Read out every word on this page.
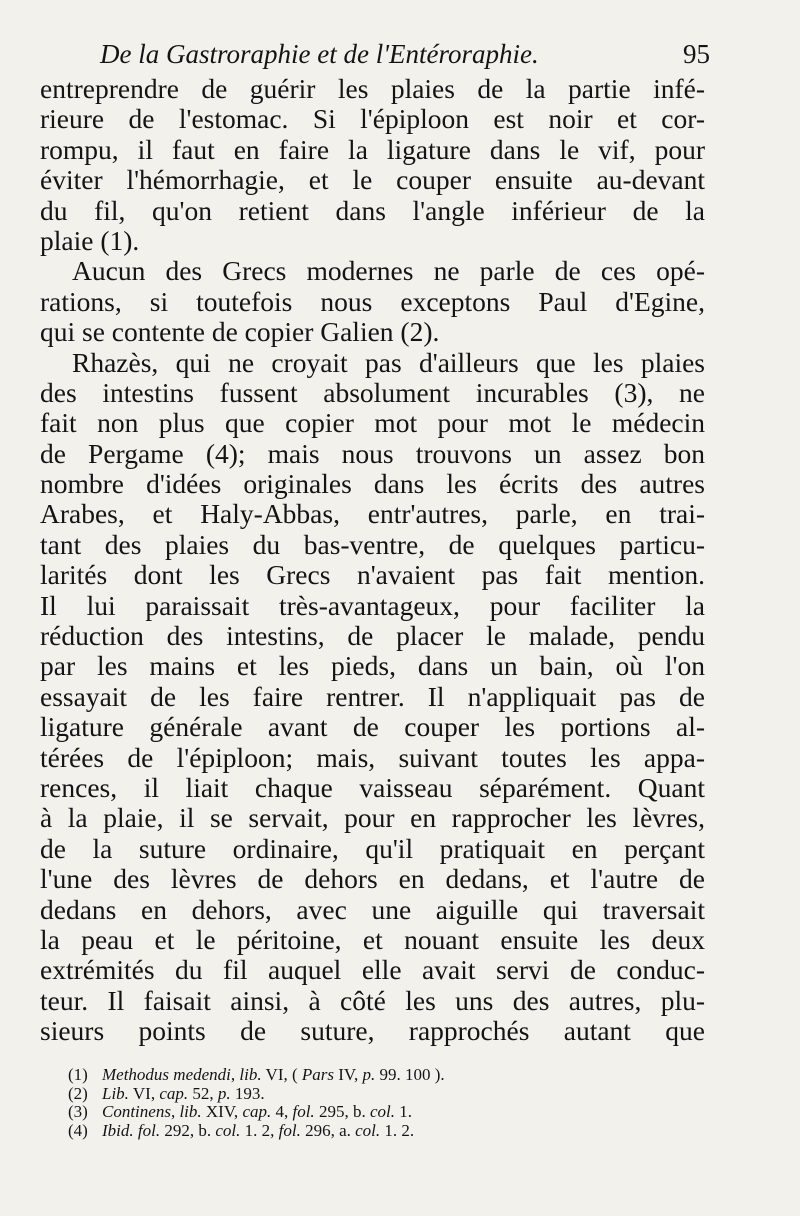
De la Gastroraphie et de l'Entéroraphie.	95
entreprendre de guérir les plaies de la partie infé-
rieure de l'estomac. Si l'épiploon est noir et cor-
rompu, il faut en faire la ligature dans le vif, pour
éviter l'hémorrhagie, et le couper ensuite au-devant
du fil, qu'on retient dans l'angle inférieur de la
plaie (1).
Aucun des Grecs modernes ne parle de ces opé-
rations, si toutefois nous exceptons Paul d'Egine,
qui se contente de copier Galien (2).
Rhazès, qui ne croyait pas d'ailleurs que les plaies
des intestins fussent absolument incurables (3), ne
fait non plus que copier mot pour mot le médecin
de Pergame (4); mais nous trouvons un assez bon
nombre d'idées originales dans les écrits des autres
Arabes, et Haly-Abbas, entr'autres, parle, en trai-
tant des plaies du bas-ventre, de quelques particu-
larités dont les Grecs n'avaient pas fait mention.
Il lui paraissait très-avantageux, pour faciliter la
réduction des intestins, de placer le malade, pendu
par les mains et les pieds, dans un bain, où l'on
essayait de les faire rentrer. Il n'appliquait pas de
ligature générale avant de couper les portions al-
térées de l'épiploon; mais, suivant toutes les appa-
rences, il liait chaque vaisseau séparément. Quant
à la plaie, il se servait, pour en rapprocher les lèvres,
de la suture ordinaire, qu'il pratiquait en perçant
l'une des lèvres de dehors en dedans, et l'autre de
dedans en dehors, avec une aiguille qui traversait
la peau et le péritoine, et nouant ensuite les deux
extrémités du fil auquel elle avait servi de conduc-
teur. Il faisait ainsi, à côté les uns des autres, plu-
sieurs points de suture, rapprochés autant que
(1) Methodus medendi, lib. VI, ( Pars IV, p. 99. 100 ).
(2) Lib. VI, cap. 52, p. 193.
(3) Continens, lib. XIV, cap. 4, fol. 295, b. col. 1.
(4) Ibid. fol. 292, b. col. 1. 2, fol. 296, a. col. 1. 2.
